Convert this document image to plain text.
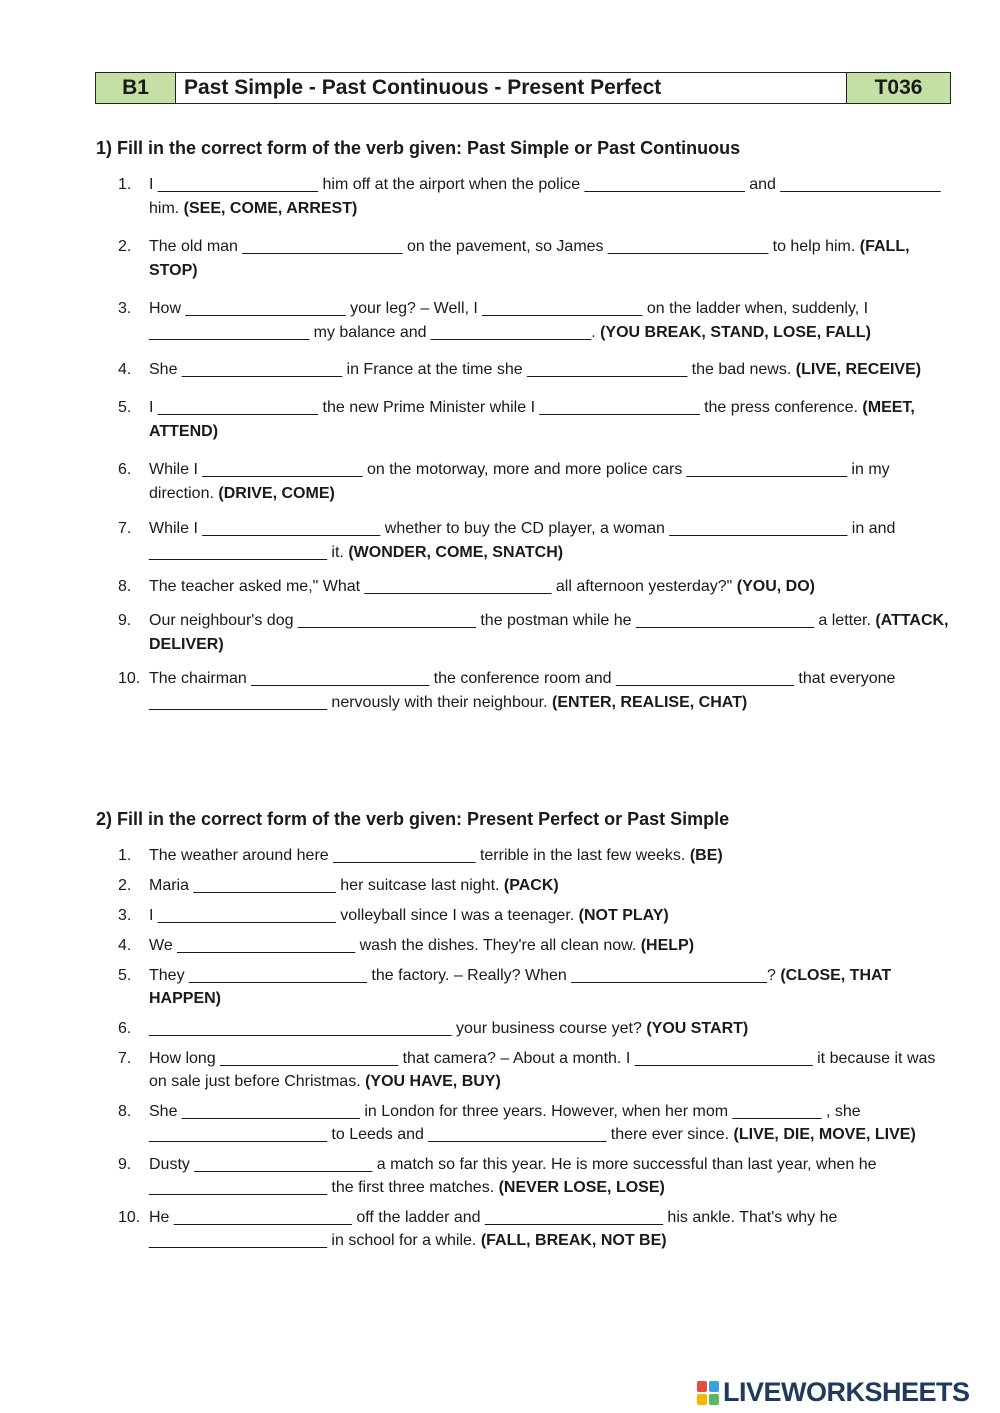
B1	Past Simple - Past Continuous - Present Perfect	T036
1) Fill in the correct form of the verb given: Past Simple or Past Continuous
1. I __________________ him off at the airport when the police __________________ and __________________ him. (SEE, COME, ARREST)
2. The old man __________________ on the pavement, so James __________________ to help him. (FALL, STOP)
3. How __________________ your leg? – Well, I __________________ on the ladder when, suddenly, I __________________ my balance and __________________. (YOU BREAK, STAND, LOSE, FALL)
4. She __________________ in France at the time she __________________ the bad news. (LIVE, RECEIVE)
5. I __________________ the new Prime Minister while I __________________ the press conference. (MEET, ATTEND)
6. While I __________________ on the motorway, more and more police cars __________________ in my direction. (DRIVE, COME)
7. While I ____________________ whether to buy the CD player, a woman ____________________ in and ____________________ it. (WONDER, COME, SNATCH)
8. The teacher asked me," What _____________________ all afternoon yesterday?" (YOU, DO)
9. Our neighbour's dog ____________________ the postman while he ____________________ a letter. (ATTACK, DELIVER)
10. The chairman ____________________ the conference room and ____________________ that everyone ____________________ nervously with their neighbour. (ENTER, REALISE, CHAT)
2) Fill in the correct form of the verb given: Present Perfect or Past Simple
1. The weather around here ________________ terrible in the last few weeks. (BE)
2. Maria ________________ her suitcase last night. (PACK)
3. I ____________________ volleyball since I was a teenager. (NOT PLAY)
4. We ____________________ wash the dishes. They're all clean now. (HELP)
5. They ____________________ the factory. – Really? When ______________________? (CLOSE, THAT HAPPEN)
6. __________________________________ your business course yet? (YOU START)
7. How long ____________________ that camera? – About a month. I ____________________ it because it was on sale just before Christmas. (YOU HAVE, BUY)
8. She ____________________ in London for three years. However, when her mom __________ , she ____________________ to Leeds and ____________________ there ever since. (LIVE, DIE, MOVE, LIVE)
9. Dusty ____________________ a match so far this year. He is more successful than last year, when he ____________________ the first three matches. (NEVER LOSE, LOSE)
10. He ____________________ off the ladder and ____________________ his ankle. That's why he ____________________ in school for a while. (FALL, BREAK, NOT BE)
LIVEWORKSHEETS
